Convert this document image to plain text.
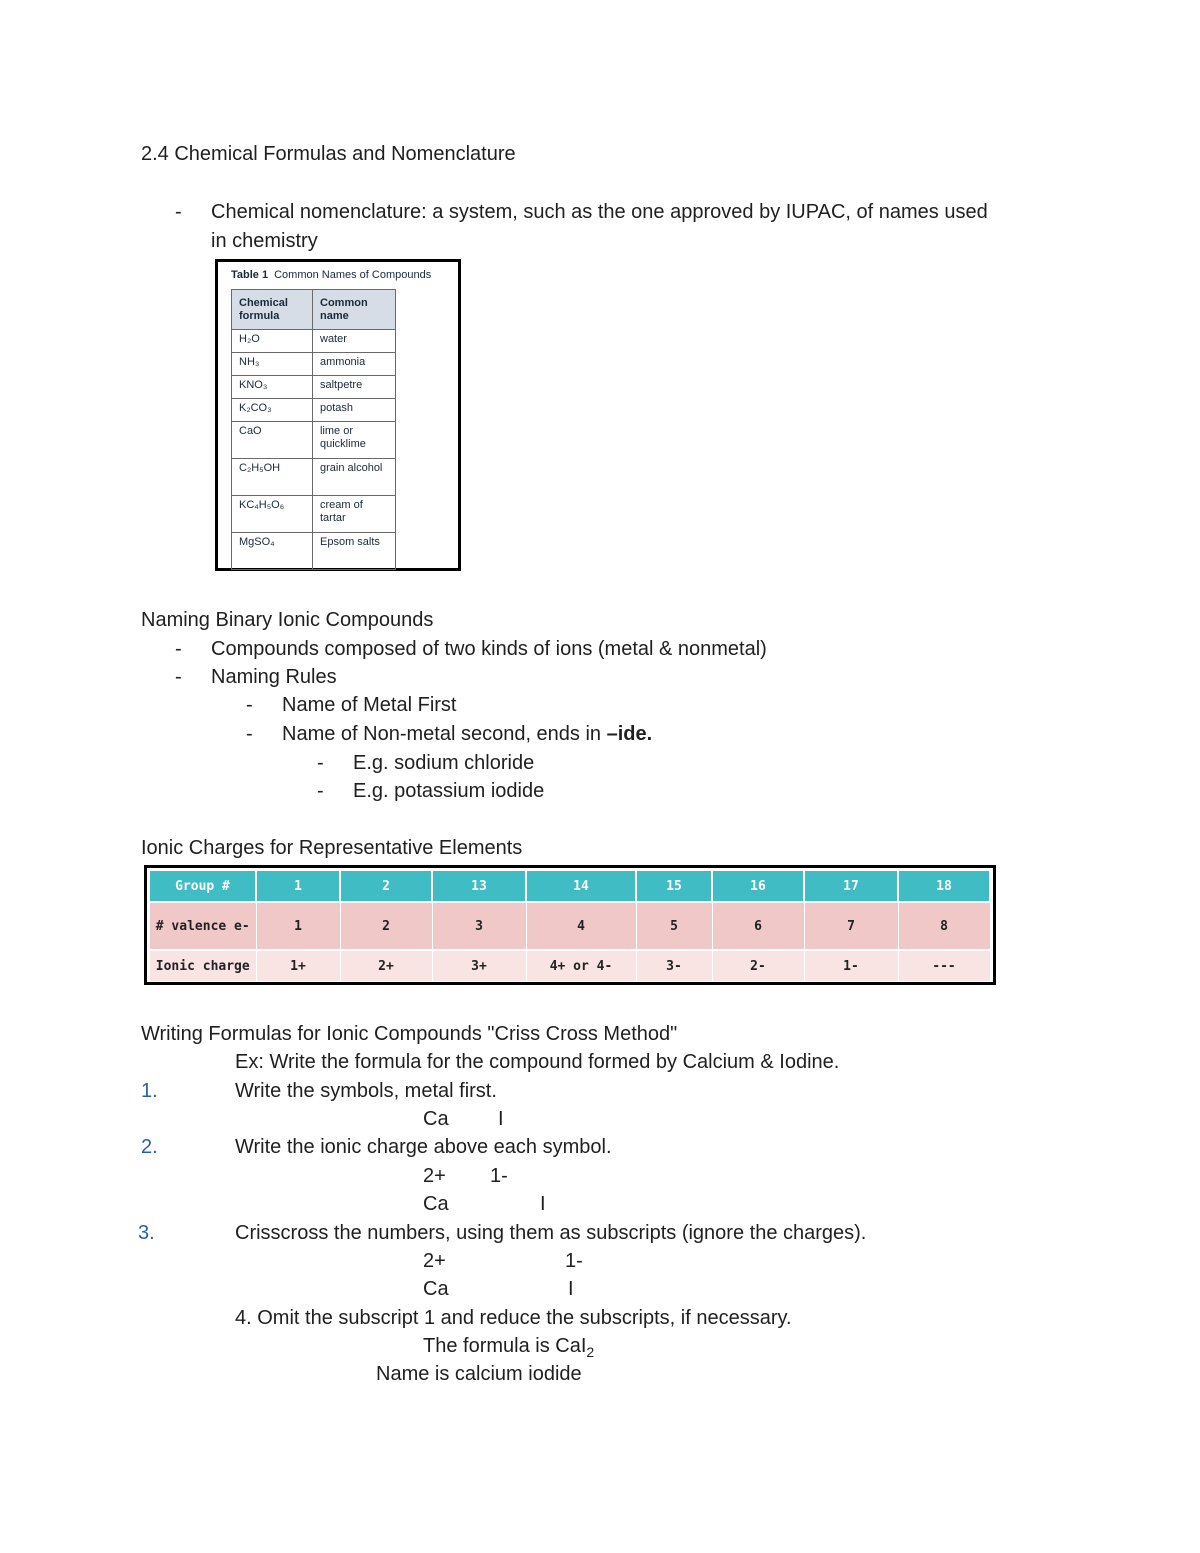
2.4 Chemical Formulas and Nomenclature
- Chemical nomenclature: a system, such as the one approved by IUPAC, of names used
in chemistry
Table 1 Common Names of Compounds
Chemical formula	Common name
H₂O	water
NH₃	ammonia
KNO₃	saltpetre
K₂CO₃	potash
CaO	lime or quicklime
C₂H₅OH	grain alcohol
KC₄H₅O₆	cream of tartar
MgSO₄	Epsom salts
Naming Binary Ionic Compounds
- Compounds composed of two kinds of ions (metal & nonmetal)
- Naming Rules
- Name of Metal First
- Name of Non-metal second, ends in –ide.
- E.g. sodium chloride
- E.g. potassium iodide
Ionic Charges for Representative Elements
Group #	1	2	13	14	15	16	17	18
# valence e-	1	2	3	4	5	6	7	8
Ionic charge	1+	2+	3+	4+ or 4-	3-	2-	1-	---
Writing Formulas for Ionic Compounds "Criss Cross Method"
Ex: Write the formula for the compound formed by Calcium & Iodine.
1.	Write the symbols, metal first.
Ca I
2.	Write the ionic charge above each symbol.
2+ 1-
Ca	I
3.	Crisscross the numbers, using them as subscripts (ignore the charges).
2+	1-
Ca	I
4. Omit the subscript 1 and reduce the subscripts, if necessary.
The formula is CaI$_2$
Name is calcium iodide
